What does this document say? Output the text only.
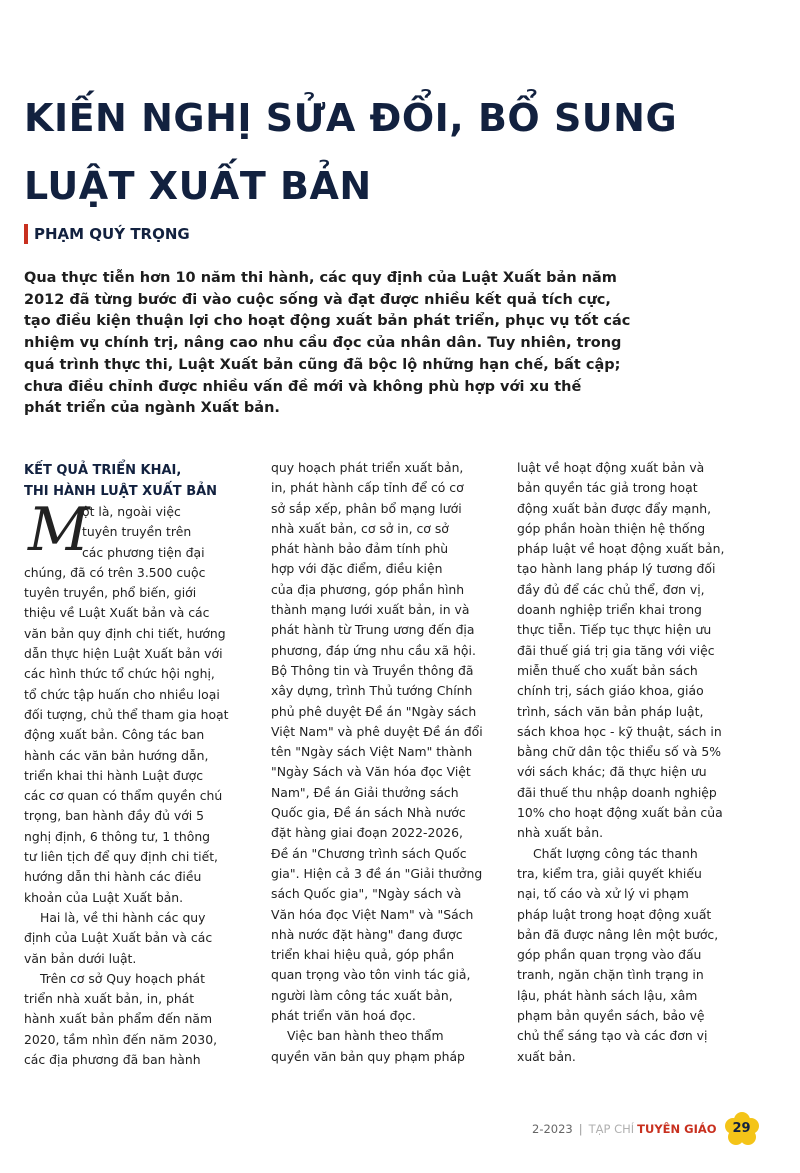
KIẾN NGHỊ SỬA ĐỔI, BỔ SUNG
LUẬT XUẤT BẢN
PHẠM QUÝ TRỌNG
Qua thực tiễn hơn 10 năm thi hành, các quy định của Luật Xuất bản năm
2012 đã từng bước đi vào cuộc sống và đạt được nhiều kết quả tích cực,
tạo điều kiện thuận lợi cho hoạt động xuất bản phát triển, phục vụ tốt các
nhiệm vụ chính trị, nâng cao nhu cầu đọc của nhân dân. Tuy nhiên, trong
quá trình thực thi, Luật Xuất bản cũng đã bộc lộ những hạn chế, bất cập;
chưa điều chỉnh được nhiều vấn đề mới và không phù hợp với xu thế
phát triển của ngành Xuất bản.
KẾT QUẢ TRIỂN KHAI,
THI HÀNH LUẬT XUẤT BẢN
M
ột là, ngoài việc
tuyên truyền trên
các phương tiện đại
chúng, đã có trên 3.500 cuộc
tuyên truyền, phổ biến, giới
thiệu về Luật Xuất bản và các
văn bản quy định chi tiết, hướng
dẫn thực hiện Luật Xuất bản với
các hình thức tổ chức hội nghị,
tổ chức tập huấn cho nhiều loại
đối tượng, chủ thể tham gia hoạt
động xuất bản. Công tác ban
hành các văn bản hướng dẫn,
triển khai thi hành Luật được
các cơ quan có thẩm quyền chú
trọng, ban hành đầy đủ với 5
nghị định, 6 thông tư, 1 thông
tư liên tịch để quy định chi tiết,
hướng dẫn thi hành các điều
khoản của Luật Xuất bản.
Hai là, về thi hành các quy
định của Luật Xuất bản và các
văn bản dưới luật.
Trên cơ sở Quy hoạch phát
triển nhà xuất bản, in, phát
hành xuất bản phẩm đến năm
2020, tầm nhìn đến năm 2030,
các địa phương đã ban hành
quy hoạch phát triển xuất bản,
in, phát hành cấp tỉnh để có cơ
sở sắp xếp, phân bổ mạng lưới
nhà xuất bản, cơ sở in, cơ sở
phát hành bảo đảm tính phù
hợp với đặc điểm, điều kiện
của địa phương, góp phần hình
thành mạng lưới xuất bản, in và
phát hành từ Trung ương đến địa
phương, đáp ứng nhu cầu xã hội.
Bộ Thông tin và Truyền thông đã
xây dựng, trình Thủ tướng Chính
phủ phê duyệt Đề án "Ngày sách
Việt Nam" và phê duyệt Đề án đổi
tên "Ngày sách Việt Nam" thành
"Ngày Sách và Văn hóa đọc Việt
Nam", Đề án Giải thưởng sách
Quốc gia, Đề án sách Nhà nước
đặt hàng giai đoạn 2022-2026,
Đề án "Chương trình sách Quốc
gia". Hiện cả 3 đề án "Giải thưởng
sách Quốc gia", "Ngày sách và
Văn hóa đọc Việt Nam" và "Sách
nhà nước đặt hàng" đang được
triển khai hiệu quả, góp phần
quan trọng vào tôn vinh tác giả,
người làm công tác xuất bản,
phát triển văn hoá đọc.
Việc ban hành theo thẩm
quyền văn bản quy phạm pháp
luật về hoạt động xuất bản và
bản quyền tác giả trong hoạt
động xuất bản được đẩy mạnh,
góp phần hoàn thiện hệ thống
pháp luật về hoạt động xuất bản,
tạo hành lang pháp lý tương đối
đầy đủ để các chủ thể, đơn vị,
doanh nghiệp triển khai trong
thực tiễn. Tiếp tục thực hiện ưu
đãi thuế giá trị gia tăng với việc
miễn thuế cho xuất bản sách
chính trị, sách giáo khoa, giáo
trình, sách văn bản pháp luật,
sách khoa học - kỹ thuật, sách in
bằng chữ dân tộc thiểu số và 5%
với sách khác; đã thực hiện ưu
đãi thuế thu nhập doanh nghiệp
10% cho hoạt động xuất bản của
nhà xuất bản.
Chất lượng công tác thanh
tra, kiểm tra, giải quyết khiếu
nại, tố cáo và xử lý vi phạm
pháp luật trong hoạt động xuất
bản đã được nâng lên một bước,
góp phần quan trọng vào đấu
tranh, ngăn chặn tình trạng in
lậu, phát hành sách lậu, xâm
phạm bản quyền sách, bảo vệ
chủ thể sáng tạo và các đơn vị
xuất bản.
2-2023 | TẠP CHÍ TUYÊN GIÁO	29
